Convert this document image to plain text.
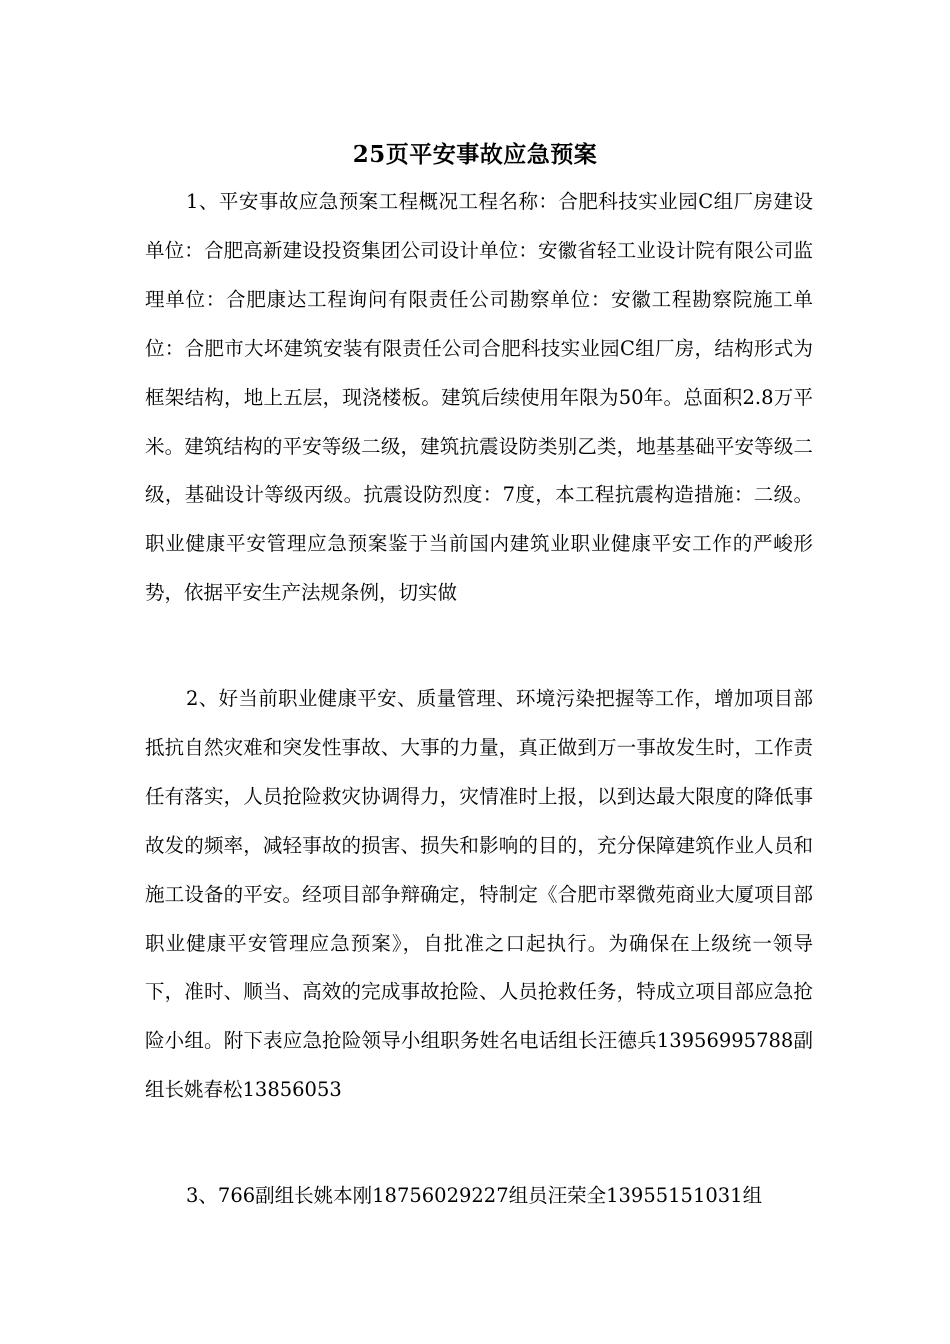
25页平安事故应急预案
1、平安事故应急预案工程概况工程名称：合肥科技实业园C组厂房建设单位：合肥高新建设投资集团公司设计单位：安徽省轻工业设计院有限公司监理单位：合肥康达工程询问有限责任公司勘察单位：安徽工程勘察院施工单位：合肥市大坏建筑安装有限责任公司合肥科技实业园C组厂房，结构形式为框架结构，地上五层，现浇楼板。建筑后续使用年限为50年。总面积2.8万平米。建筑结构的平安等级二级，建筑抗震设防类别乙类，地基基础平安等级二级，基础设计等级丙级。抗震设防烈度：7度，本工程抗震构造措施：二级。职业健康平安管理应急预案鉴于当前国内建筑业职业健康平安工作的严峻形势，依据平安生产法规条例，切实做
2、好当前职业健康平安、质量管理、环境污染把握等工作，增加项目部抵抗自然灾难和突发性事故、大事的力量，真正做到万一事故发生时，工作责任有落实，人员抢险救灾协调得力，灾情准时上报，以到达最大限度的降低事故发的频率，减轻事故的损害、损失和影响的目的，充分保障建筑作业人员和施工设备的平安。经项目部争辩确定，特制定《合肥市翠微苑商业大厦项目部职业健康平安管理应急预案》，自批准之口起执行。为确保在上级统一领导下，准时、顺当、高效的完成事故抢险、人员抢救任务，特成立项目部应急抢险小组。附下表应急抢险领导小组职务姓名电话组长汪德兵13956995788副组长姚春松13856053
3、766副组长姚本刚18756029227组员汪荣全13955151031组
